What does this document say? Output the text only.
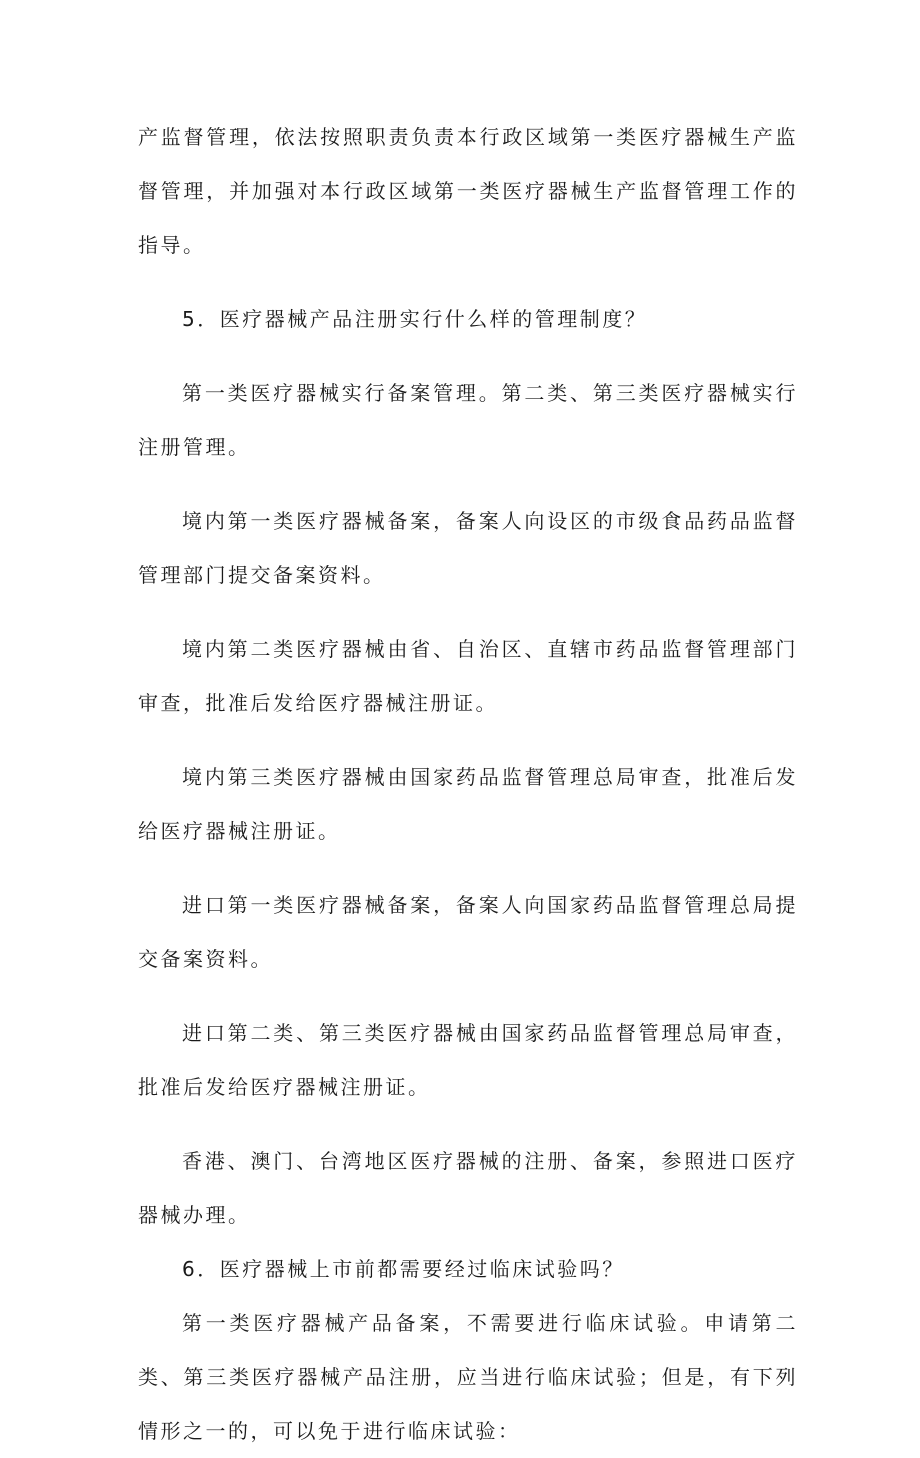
产监督管理，依法按照职责负责本行政区域第一类医疗器械生产监督管理，并加强对本行政区域第一类医疗器械生产监督管理工作的指导。

5．医疗器械产品注册实行什么样的管理制度？

第一类医疗器械实行备案管理。第二类、第三类医疗器械实行注册管理。

境内第一类医疗器械备案，备案人向设区的市级食品药品监督管理部门提交备案资料。

境内第二类医疗器械由省、自治区、直辖市药品监督管理部门审查，批准后发给医疗器械注册证。

境内第三类医疗器械由国家药品监督管理总局审查，批准后发给医疗器械注册证。

进口第一类医疗器械备案，备案人向国家药品监督管理总局提交备案资料。

进口第二类、第三类医疗器械由国家药品监督管理总局审查，批准后发给医疗器械注册证。

香港、澳门、台湾地区医疗器械的注册、备案，参照进口医疗器械办理。

6．医疗器械上市前都需要经过临床试验吗？

第一类医疗器械产品备案，不需要进行临床试验。申请第二类、第三类医疗器械产品注册，应当进行临床试验；但是，有下列情形之一的，可以免于进行临床试验：
